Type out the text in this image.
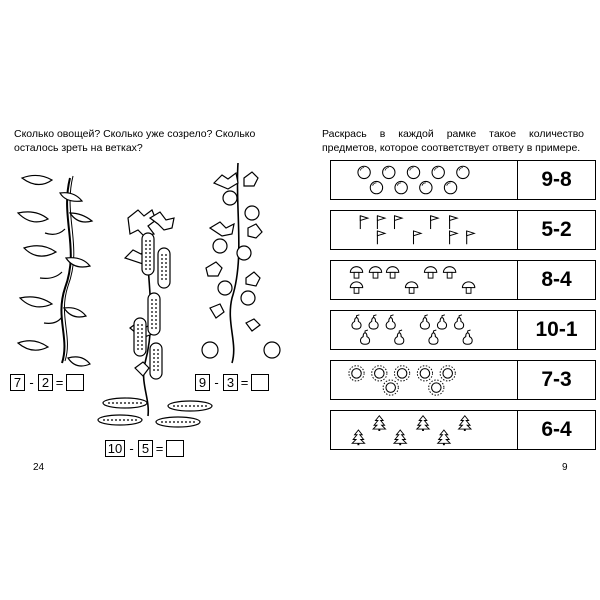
Сколько овощей? Сколько уже созрело? Сколько осталось зреть на ветках?

7 - 2 =	9 - 3 =
10 - 5 =
24

Раскрась в каждой рамке такое количество предметов, которое соответствует ответу в примере.

9-8
5-2
8-4
10-1
7-3
6-4
9
